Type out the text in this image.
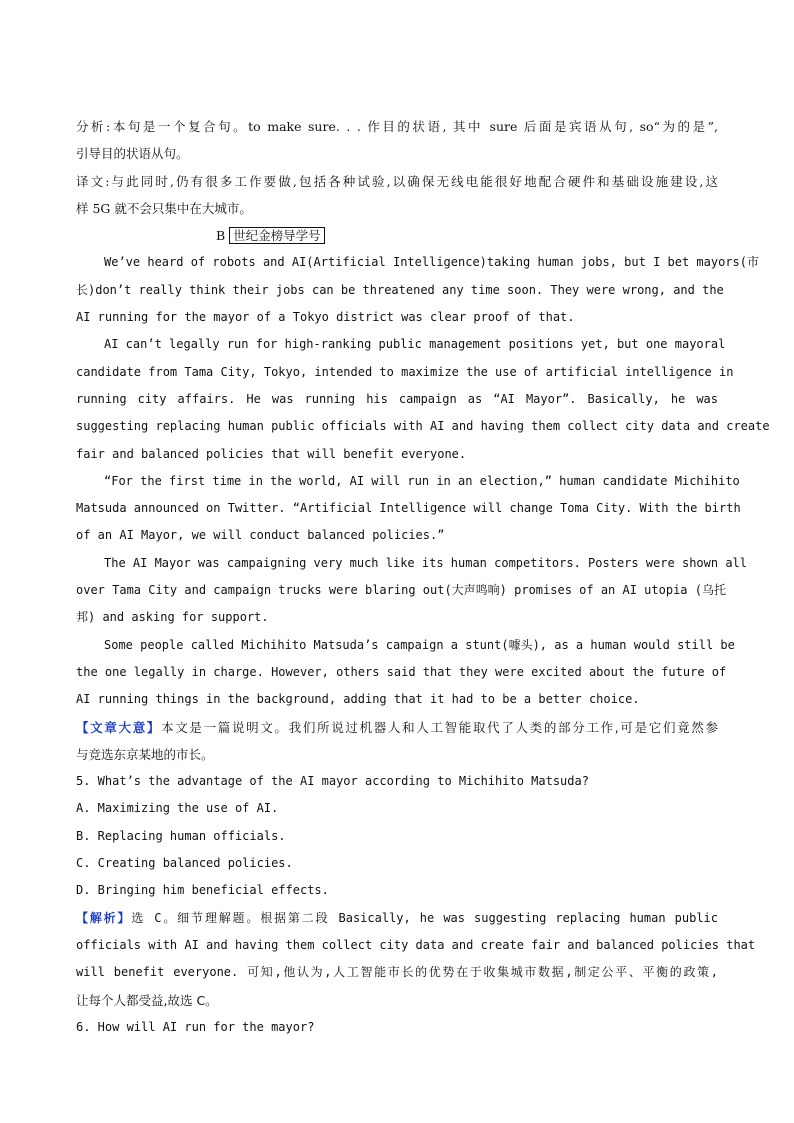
分析:本句是一个复合句。to make sure. . . 作目的状语, 其中 sure 后面是宾语从句, so“为的是”,
引导目的状语从句。
译文:与此同时,仍有很多工作要做,包括各种试验,以确保无线电能很好地配合硬件和基础设施建设,这
样 5G 就不会只集中在大城市。
B 世纪金榜导学号
We’ve heard of robots and AI(Artificial Intelligence)taking human jobs, but I bet mayors(市
长)don’t really think their jobs can be threatened any time soon. They were wrong, and the
AI running for the mayor of a Tokyo district was clear proof of that.
AI can’t legally run for high-ranking public management positions yet, but one mayoral
candidate from Tama City, Tokyo, intended to maximize the use of artificial intelligence in
running city affairs. He was running his campaign as “AI Mayor”. Basically, he was
suggesting replacing human public officials with AI and having them collect city data and create
fair and balanced policies that will benefit everyone.
“For the first time in the world, AI will run in an election,” human candidate Michihito
Matsuda announced on Twitter. “Artificial Intelligence will change Toma City. With the birth
of an AI Mayor, we will conduct balanced policies.”
The AI Mayor was campaigning very much like its human competitors. Posters were shown all
over Tama City and campaign trucks were blaring out(大声鸣响) promises of an AI utopia (乌托
邦) and asking for support.
Some people called Michihito Matsuda’s campaign a stunt(噱头), as a human would still be
the one legally in charge. However, others said that they were excited about the future of
AI running things in the background, adding that it had to be a better choice.
【文章大意】本文是一篇说明文。我们所说过机器人和人工智能取代了人类的部分工作,可是它们竟然参
与竞选东京某地的市长。
5. What’s the advantage of the AI mayor according to Michihito Matsuda?
A. Maximizing the use of AI.
B. Replacing human officials.
C. Creating balanced policies.
D. Bringing him beneficial effects.
【解析】选 C。细节理解题。根据第二段 Basically, he was suggesting replacing human public
officials with AI and having them collect city data and create fair and balanced policies that
will benefit everyone. 可知,他认为,人工智能市长的优势在于收集城市数据,制定公平、平衡的政策,
让每个人都受益,故选 C。
6. How will AI run for the mayor?
